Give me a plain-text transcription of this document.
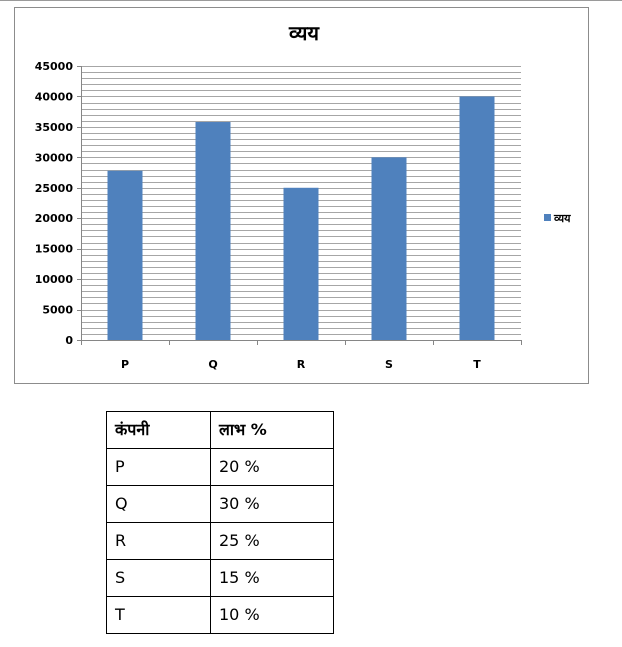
व्यय
0
5000
10000
15000
20000
25000
30000
35000
40000
45000
P	Q	R	S	T
व्यय
कंपनी	लाभ %
P	20 %
Q	30 %
R	25 %
S	15 %
T	10 %
